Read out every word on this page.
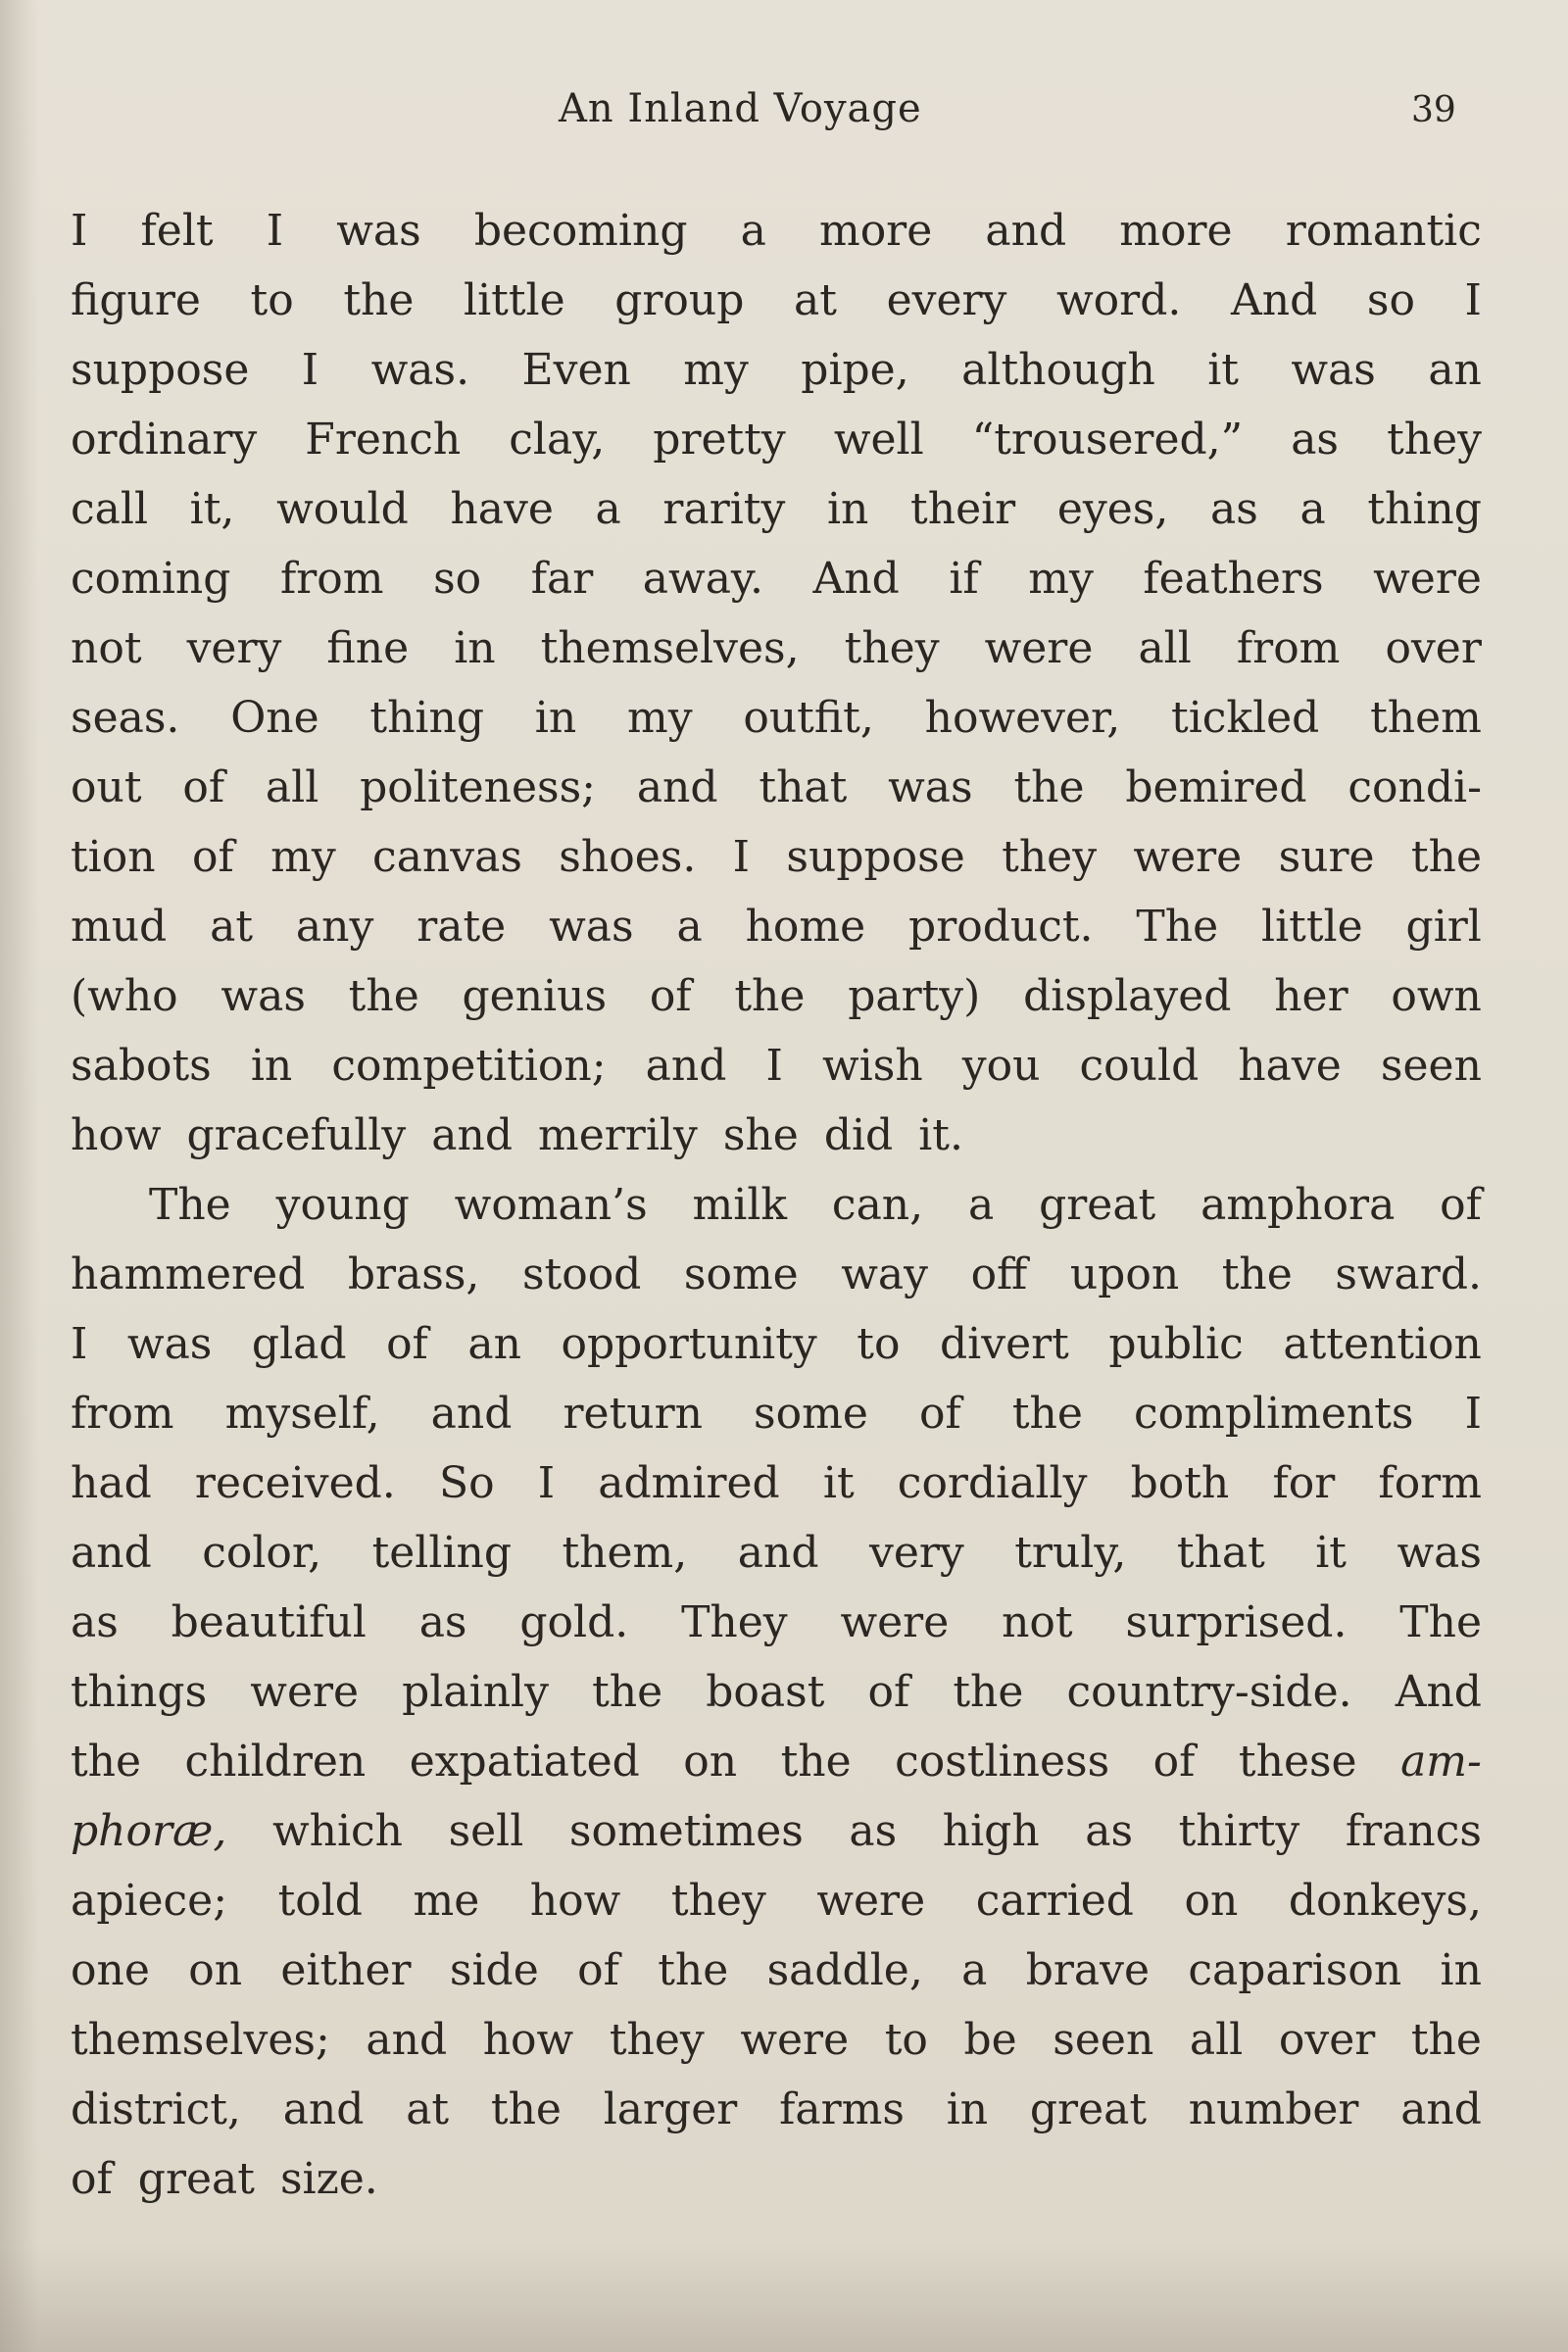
An Inland Voyage	39
I felt I was becoming a more and more romantic
figure to the little group at every word. And so I
suppose I was. Even my pipe, although it was an
ordinary French clay, pretty well “trousered,” as they
call it, would have a rarity in their eyes, as a thing
coming from so far away. And if my feathers were
not very fine in themselves, they were all from over
seas. One thing in my outfit, however, tickled them
out of all politeness; and that was the bemired condi-
tion of my canvas shoes. I suppose they were sure the
mud at any rate was a home product. The little girl
(who was the genius of the party) displayed her own
sabots in competition; and I wish you could have seen
how gracefully and merrily she did it.
The young woman’s milk can, a great amphora of
hammered brass, stood some way off upon the sward.
I was glad of an opportunity to divert public attention
from myself, and return some of the compliments I
had received. So I admired it cordially both for form
and color, telling them, and very truly, that it was
as beautiful as gold. They were not surprised. The
things were plainly the boast of the country-side. And
the children expatiated on the costliness of these am-
phoræ, which sell sometimes as high as thirty francs
apiece; told me how they were carried on donkeys,
one on either side of the saddle, a brave caparison in
themselves; and how they were to be seen all over the
district, and at the larger farms in great number and
of great size.
